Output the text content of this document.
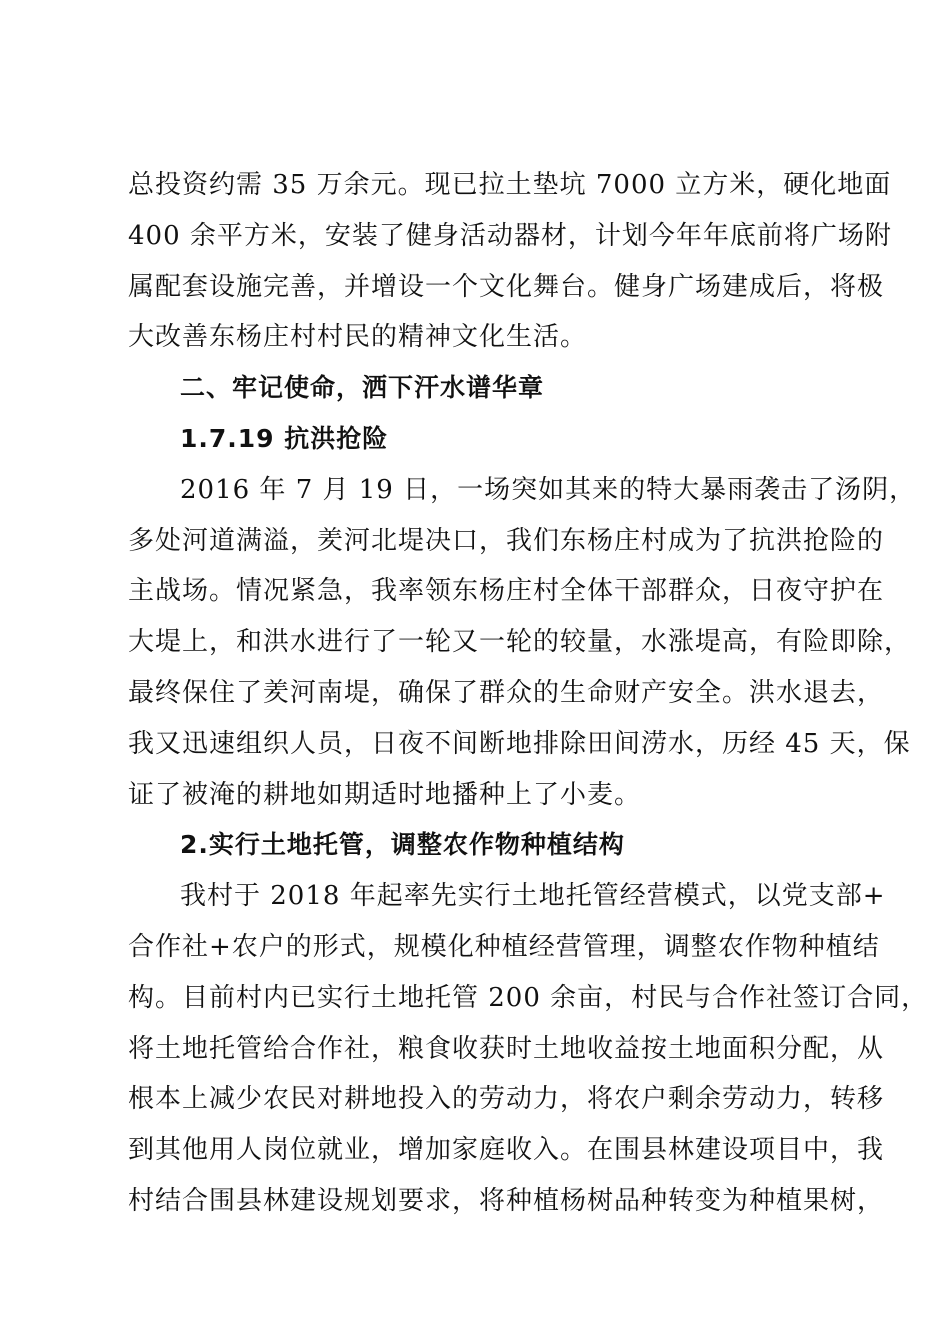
总投资约需 35 万余元。现已拉土垫坑 7000 立方米，硬化地面
400 余平方米，安装了健身活动器材，计划今年年底前将广场附
属配套设施完善，并增设一个文化舞台。健身广场建成后，将极
大改善东杨庄村村民的精神文化生活。
二、牢记使命，洒下汗水谱华章
1.7.19 抗洪抢险
2016 年 7 月 19 日，一场突如其来的特大暴雨袭击了汤阴，
多处河道满溢，羑河北堤决口，我们东杨庄村成为了抗洪抢险的
主战场。情况紧急，我率领东杨庄村全体干部群众，日夜守护在
大堤上，和洪水进行了一轮又一轮的较量，水涨堤高，有险即除，
最终保住了羑河南堤，确保了群众的生命财产安全。洪水退去，
我又迅速组织人员，日夜不间断地排除田间涝水，历经 45 天，保
证了被淹的耕地如期适时地播种上了小麦。
2.实行土地托管，调整农作物种植结构
我村于 2018 年起率先实行土地托管经营模式，以党支部+
合作社+农户的形式，规模化种植经营管理，调整农作物种植结
构。目前村内已实行土地托管 200 余亩，村民与合作社签订合同，
将土地托管给合作社，粮食收获时土地收益按土地面积分配，从
根本上减少农民对耕地投入的劳动力，将农户剩余劳动力，转移
到其他用人岗位就业，增加家庭收入。在围县林建设项目中，我
村结合围县林建设规划要求，将种植杨树品种转变为种植果树，
